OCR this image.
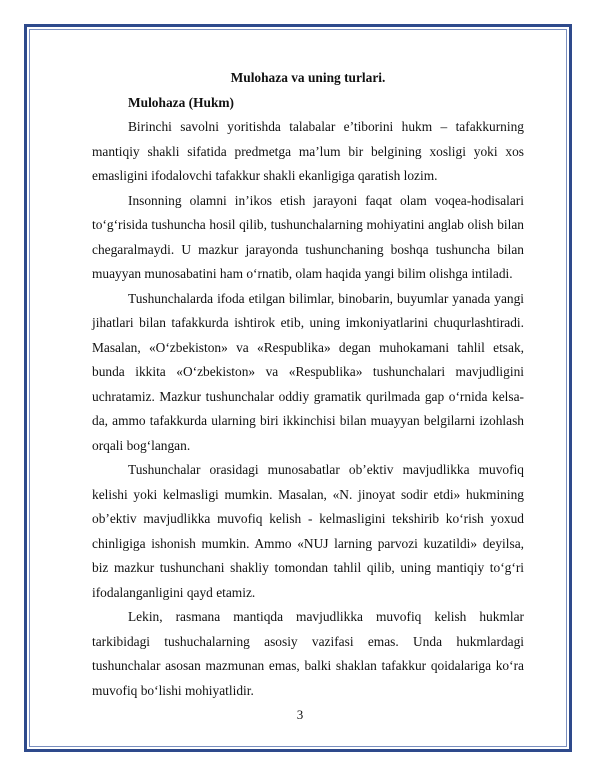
Mulohaza va uning turlari.

Mulohaza (Hukm)

Birinchi savolni yoritishda talabalar e’tiborini hukm – tafakkurning mantiqiy shakli sifatida predmetga ma’lum bir belgining xosligi yoki xos emasligini ifodalovchi tafakkur shakli ekanligiga qaratish lozim.

Insonning olamni in’ikos etish jarayoni faqat olam voqea-hodisalari to‘g‘risida tushuncha hosil qilib, tushunchalarning mohiyatini anglab olish bilan chegaralmaydi. U mazkur jarayonda tushunchaning boshqa tushuncha bilan muayyan munosabatini ham o‘rnatib, olam haqida yangi bilim olishga intiladi.

Tushunchalarda ifoda etilgan bilimlar, binobarin, buyumlar yanada yangi jihatlari bilan tafakkurda ishtirok etib, uning imkoniyatlarini chuqurlashtiradi. Masalan, «O‘zbekiston» va «Respublika» degan muhokamani tahlil etsak, bunda ikkita «O‘zbekiston» va «Respublika» tushunchalari mavjudligini uchratamiz. Mazkur tushunchalar oddiy gramatik qurilmada gap o‘rnida kelsa-da, ammo tafakkurda ularning biri ikkinchisi bilan muayyan belgilarni izohlash orqali bog‘langan.

Tushunchalar orasidagi munosabatlar ob’ektiv mavjudlikka muvofiq kelishi yoki kelmasligi mumkin. Masalan, «N. jinoyat sodir etdi» hukmining ob’ektiv mavjudlikka muvofiq kelish - kelmasligini tekshirib ko‘rish yoxud chinligiga ishonish mumkin. Ammo «NUJ larning parvozi kuzatildi» deyilsa, biz mazkur tushunchani shakliy tomondan tahlil qilib, uning mantiqiy to‘g‘ri ifodalanganligini qayd etamiz.

Lekin, rasmana mantiqda mavjudlikka muvofiq kelish hukmlar tarkibidagi tushuchalarning asosiy vazifasi emas. Unda hukmlardagi tushunchalar asosan mazmunan emas, balki shaklan tafakkur qoidalariga ko‘ra muvofiq bo‘lishi mohiyatlidir.

3
